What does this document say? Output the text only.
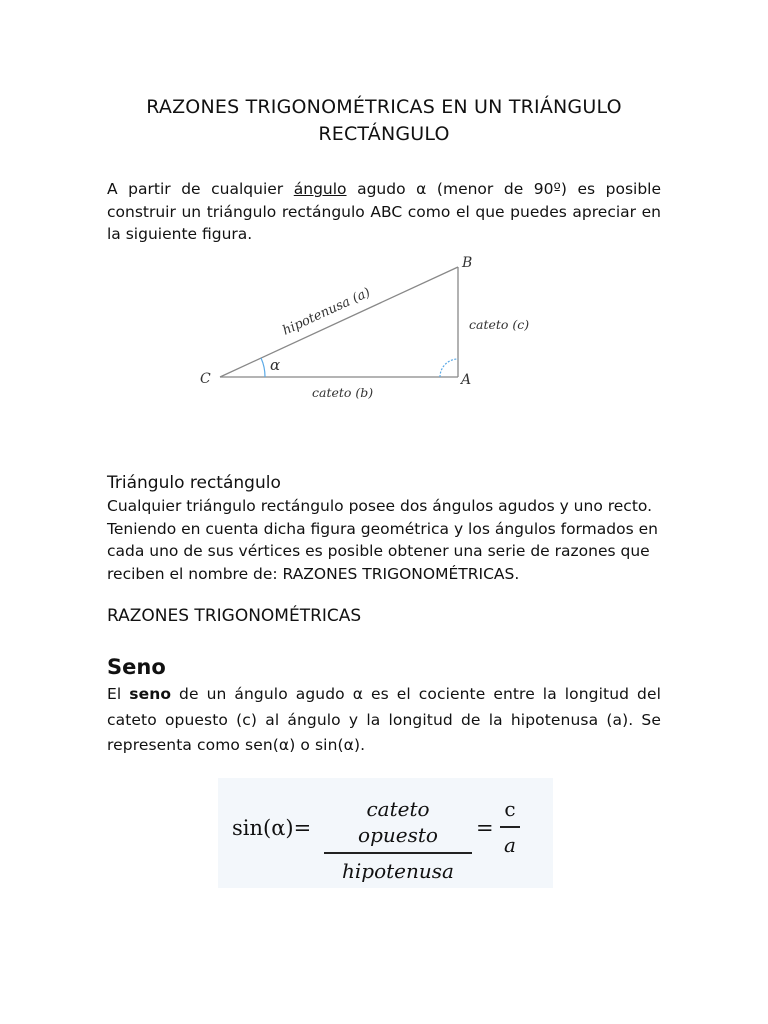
RAZONES TRIGONOMÉTRICAS EN UN TRIÁNGULO
RECTÁNGULO
A partir de cualquier ángulo agudo α (menor de 90º) es posible construir un triángulo rectángulo ABC como el que puedes apreciar en la siguiente figura.
C	A
B
α
hipotenusa (a)	cateto (c)
cateto (b)
Triángulo rectángulo
Cualquier triángulo rectángulo posee dos ángulos agudos y uno recto. Teniendo en cuenta dicha figura geométrica y los ángulos formados en cada uno de sus vértices es posible obtener una serie de razones que reciben el nombre de: RAZONES TRIGONOMÉTRICAS.
RAZONES TRIGONOMÉTRICAS
Seno
El seno de un ángulo agudo α es el cociente entre la longitud del cateto opuesto (c) al ángulo y la longitud de la hipotenusa (a). Se representa como sen(α) o sin(α).
sin(α)=
cateto opuesto
hipotenusa
=
c
a
